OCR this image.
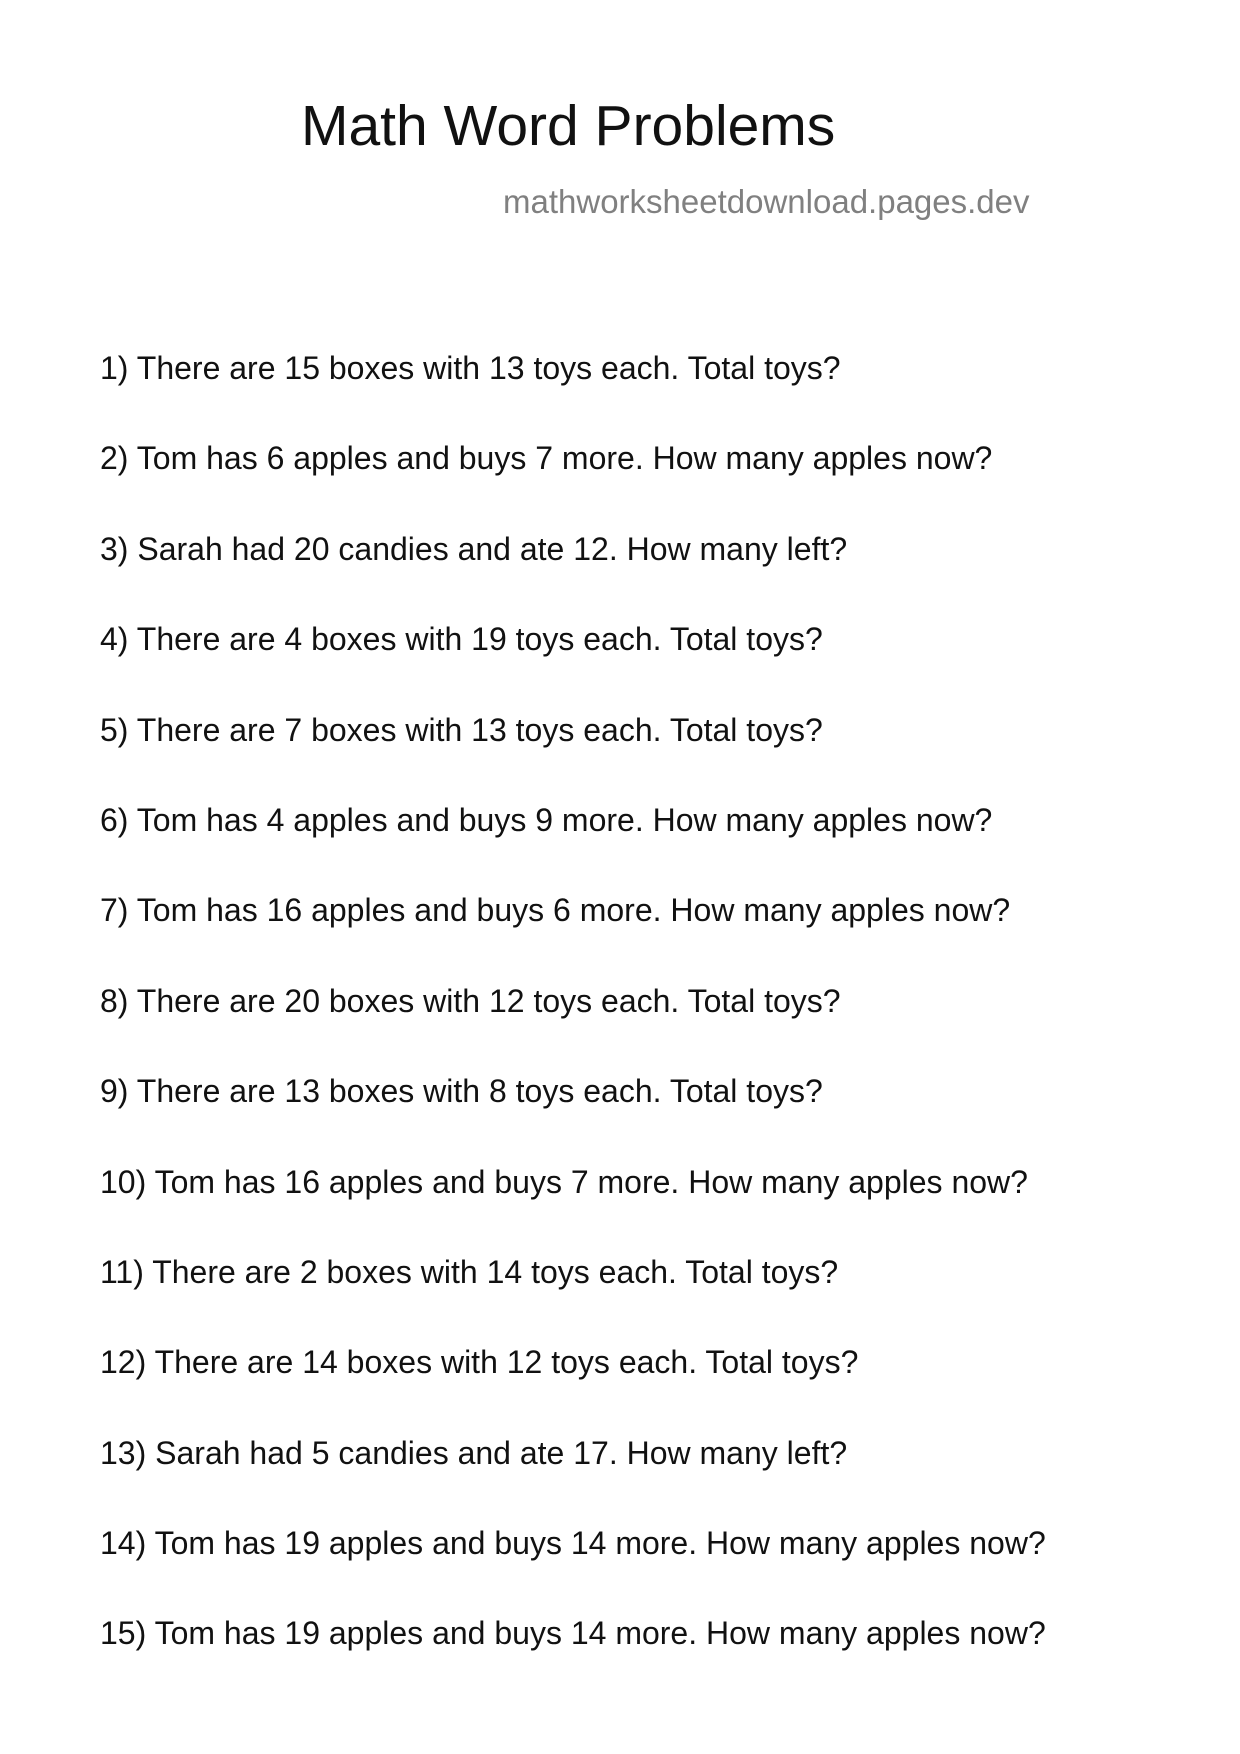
Math Word Problems

mathworksheetdownload.pages.dev

1) There are 15 boxes with 13 toys each. Total toys?
2) Tom has 6 apples and buys 7 more. How many apples now?
3) Sarah had 20 candies and ate 12. How many left?
4) There are 4 boxes with 19 toys each. Total toys?
5) There are 7 boxes with 13 toys each. Total toys?
6) Tom has 4 apples and buys 9 more. How many apples now?
7) Tom has 16 apples and buys 6 more. How many apples now?
8) There are 20 boxes with 12 toys each. Total toys?
9) There are 13 boxes with 8 toys each. Total toys?
10) Tom has 16 apples and buys 7 more. How many apples now?
11) There are 2 boxes with 14 toys each. Total toys?
12) There are 14 boxes with 12 toys each. Total toys?
13) Sarah had 5 candies and ate 17. How many left?
14) Tom has 19 apples and buys 14 more. How many apples now?
15) Tom has 19 apples and buys 14 more. How many apples now?
